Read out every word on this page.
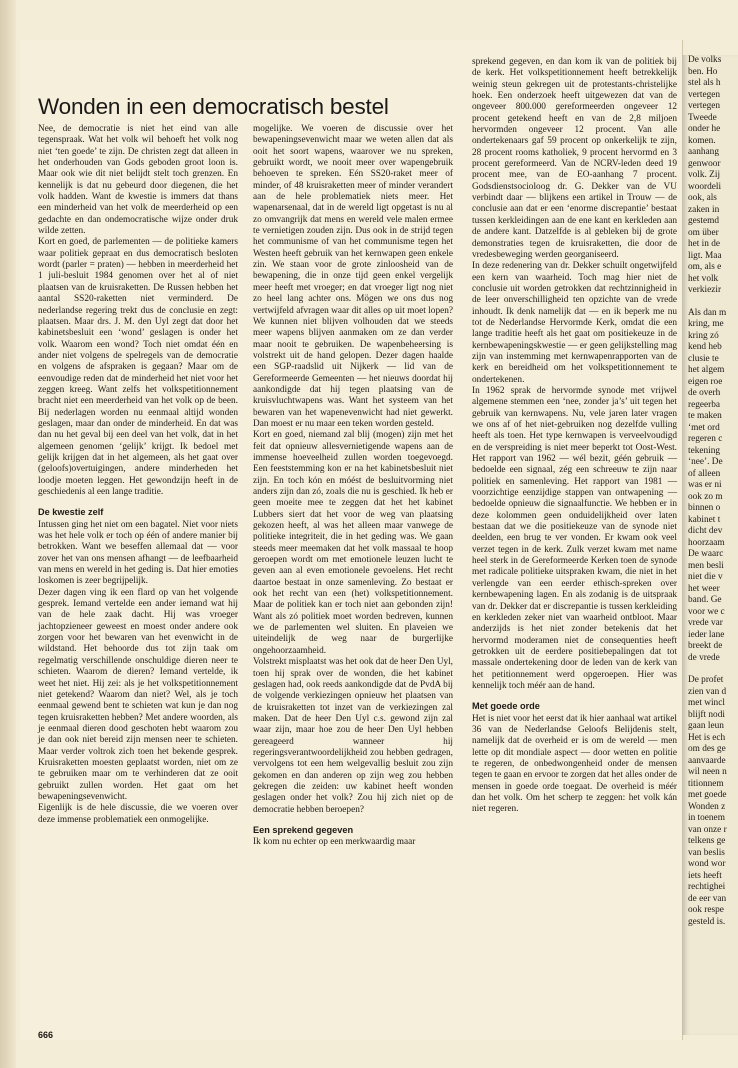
Wonden in een democratisch bestel

Nee, de democratie is niet het eind van alle tegenspraak. Wat het volk wil behoeft het volk nog niet ‘ten goede’ te zijn. De christen zegt dat alleen in het onderhouden van Gods geboden groot loon is. Maar ook wie dit niet belijdt stelt toch grenzen. En kennelijk is dat nu gebeurd door diegenen, die het volk hadden. Want de kwestie is immers dat thans een minderheid van het volk de meerderheid op een gedachte en dan ondemocratische wijze onder druk wilde zetten.

Kort en goed, de parlementen — de politieke kamers waar politiek gepraat en dus democratisch besloten wordt (parler = praten) — hebben in meerderheid het 1 juli-besluit 1984 genomen over het al of niet plaatsen van de kruisraketten. De Russen hebben het aantal SS20-raketten niet verminderd. De nederlandse regering trekt dus de conclusie en zegt: plaatsen. Maar drs. J. M. den Uyl zegt dat door het kabinetsbesluit een ‘wond’ geslagen is onder het volk. Waarom een wond? Toch niet omdat één en ander niet volgens de spelregels van de democratie en volgens de afspraken is gegaan? Maar om de eenvoudige reden dat de minderheid het niet voor het zeggen kreeg. Want zelfs het volkspetitionnement bracht niet een meerderheid van het volk op de been. Bij nederlagen worden nu eenmaal altijd wonden geslagen, maar dan onder de minderheid. En dat was dan nu het geval bij een deel van het volk, dat in het algemeen genomen ‘gelijk’ krijgt. Ik bedoel met gelijk krijgen dat in het algemeen, als het gaat over (geloofs)overtuigingen, andere minderheden het loodje moeten leggen. Het gewondzijn heeft in de geschiedenis al een lange traditie.

De kwestie zelf

Intussen ging het niet om een bagatel. Niet voor niets was het hele volk er toch op één of andere manier bij betrokken. Want we beseffen allemaal dat — voor zover het van ons mensen afhangt — de leefbaarheid van mens en wereld in het geding is. Dat hier emoties loskomen is zeer begrijpelijk.

Dezer dagen ving ik een flard op van het volgende gesprek. Iemand vertelde een ander iemand wat hij van de hele zaak dacht. Hij was vroeger jachtopzieneer geweest en moest onder andere ook zorgen voor het bewaren van het evenwicht in de wildstand. Het behoorde dus tot zijn taak om regelmatig verschillende onschuldige dieren neer te schieten. Waarom de dieren? Iemand vertelde, ik weet het niet. Hij zei: als je het volkspetitionnement niet getekend? Waarom dan niet? Wel, als je toch eenmaal gewend bent te schieten wat kun je dan nog tegen kruisraketten hebben? Met andere woorden, als je eenmaal dieren dood geschoten hebt waarom zou je dan ook niet bereid zijn mensen neer te schieten. Maar verder voltrok zich toen het bekende gesprek. Kruisraketten moesten geplaatst worden, niet om ze te gebruiken maar om te verhinderen dat ze ooit gebruikt zullen worden. Het gaat om het bewapeningsevenwicht.

Eigenlijk is de hele discussie, die we voeren over deze immense problematiek een onmogelijke.

mogelijke. We voeren de discussie over het bewapeningsevenwicht maar we weten allen dat als ooit het soort wapens, waarover we nu spreken, gebruikt wordt, we nooit meer over wapengebruik behoeven te spreken. Eén SS20-raket meer of minder, of 48 kruisraketten meer of minder verandert aan de hele problematiek niets meer. Het wapenarsenaal, dat in de wereld ligt opgetast is nu al zo omvangrijk dat mens en wereld vele malen ermee te vernietigen zouden zijn. Dus ook in de strijd tegen het communisme of van het communisme tegen het Westen heeft gebruik van het kernwapen geen enkele zin. We staan voor de grote zinloosheid van de bewapening, die in onze tijd geen enkel vergelijk meer heeft met vroeger; en dat vroeger ligt nog niet zo heel lang achter ons. Mögen we ons dus nog vertwijfeld afvragen waar dit alles op uit moet lopen? We kunnen niet blijven volhouden dat we steeds meer wapens blijven aanmaken om ze dan verder maar nooit te gebruiken. De wapenbeheersing is volstrekt uit de hand gelopen. Dezer dagen haalde een SGP-raadslid uit Nijkerk — lid van de Gereformeerde Gemeenten — het nieuws doordat hij aankondigde dat hij tegen plaatsing van de kruisvluchtwapens was. Want het systeem van het bewaren van het wapenevenwicht had niet gewerkt. Dan moest er nu maar een teken worden gesteld.

Kort en goed, niemand zal blij (mogen) zijn met het feit dat opnieuw allesvernietigende wapens aan de immense hoeveelheid zullen worden toegevoegd. Een feeststemming kon er na het kabinetsbesluit niet zijn. En toch kón en móést de besluitvorming niet anders zijn dan zó, zoals die nu is geschied. Ik heb er geen moeite mee te zeggen dat het het kabinet Lubbers siert dat het voor de weg van plaatsing gekozen heeft, al was het alleen maar vanwege de politieke integriteit, die in het geding was. We gaan steeds meer meemaken dat het volk massaal te hoop geroepen wordt om met emotionele leuzen lucht te geven aan al even emotionele gevoelens. Het recht daartoe bestaat in onze samenleving. Zo bestaat er ook het recht van een (het) volkspetitionnement. Maar de politiek kan er toch niet aan gebonden zijn! Want als zó politiek moet worden bedreven, kunnen we de parlementen wel sluiten. En plaveien we uiteindelijk de weg naar de burgerlijke ongehoorzaamheid.

Volstrekt misplaatst was het ook dat de heer Den Uyl, toen hij sprak over de wonden, die het kabinet geslagen had, ook reeds aankondigde dat de PvdA bij de volgende verkiezingen opnieuw het plaatsen van de kruisraketten tot inzet van de verkiezingen zal maken. Dat de heer Den Uyl c.s. gewond zijn zal waar zijn, maar hoe zou de heer Den Uyl hebben gereageerd wanneer hij regeringsverantwoordelijkheid zou hebben gedragen, vervolgens tot een hem welgevallig besluit zou zijn gekomen en dan anderen op zijn weg zou hebben gekregen die zeiden: uw kabinet heeft wonden geslagen onder het volk? Zou hij zich niet op de democratie hebben beroepen?

Een sprekend gegeven

Ik kom nu echter op een merkwaardig maar

sprekend gegeven, en dan kom ik van de politiek bij de kerk. Het volkspetitionnement heeft betrekkelijk weinig steun gekregen uit de protestants-christelijke hoek. Een onderzoek heeft uitgewezen dat van de ongeveer 800.000 gereformeerden ongeveer 12 procent getekend heeft en van de 2,8 miljoen hervormden ongeveer 12 procent. Van alle ondertekenaars gaf 59 procent op onkerkelijk te zijn, 28 procent rooms katholiek, 9 procent hervormd en 3 procent gereformeerd. Van de NCRV-leden deed 19 procent mee, van de EO-aanhang 7 procent. Godsdienstsocioloog dr. G. Dekker van de VU verbindt daar — blijkens een artikel in Trouw — de conclusie aan dat er een ‘enorme discrepantie’ bestaat tussen kerkleidingen aan de ene kant en kerkleden aan de andere kant. Datzelfde is al gebleken bij de grote demonstraties tegen de kruisraketten, die door de vredesbeweging werden georganiseerd.

In deze redenering van dr. Dekker schuilt ongetwijfeld een kern van waarheid. Toch mag hier niet de conclusie uit worden getrokken dat rechtzinnigheid in de leer onverschilligheid ten opzichte van de vrede inhoudt. Ik denk namelijk dat — en ik beperk me nu tot de Nederlandse Hervormde Kerk, omdat die een lange traditie heeft als het gaat om positiekeuze in de kernbewapeningskwestie — er geen gelijkstelling mag zijn van instemming met kernwapenrapporten van de kerk en bereidheid om het volkspetitionnement te ondertekenen.

In 1962 sprak de hervormde synode met vrijwel algemene stemmen een ‘nee, zonder ja’s’ uit tegen het gebruik van kernwapens. Nu, vele jaren later vragen we ons af of het niet-gebruiken nog dezelfde vulling heeft als toen. Het type kernwapen is verveelvoudigd en de verspreiding is niet meer beperkt tot Oost-West. Het rapport van 1962 — wél bezit, géén gebruik — bedoelde een signaal, zég een schreeuw te zijn naar politiek en samenleving. Het rapport van 1981 — voorzichtige eenzijdige stappen van ontwapening — bedoelde opnieuw die signaalfunctie. We hebben er in deze kolommen geen onduidelijkheid over laten bestaan dat we die positiekeuze van de synode niet deelden, een brug te ver vonden. Er kwam ook veel verzet tegen in de kerk. Zulk verzet kwam met name heel sterk in de Gereformeerde Kerken toen de synode met radicale politieke uitspraken kwam, die niet in het verlengde van een eerder ethisch-spreken over kernbewapening lagen. En als zodanig is de uitspraak van dr. Dekker dat er discrepantie is tussen kerkleiding en kerkleden zeker niet van waarheid ontbloot. Maar anderzijds is het niet zonder betekenis dat het hervormd moderamen niet de consequenties heeft getrokken uit de eerdere positiebepalingen dat tot massale ondertekening door de leden van de kerk van het petitionnement werd opgeroepen. Hier was kennelijk toch méér aan de hand.

Met goede orde

Het is niet voor het eerst dat ik hier aanhaal wat artikel 36 van de Nederlandse Geloofs Belijdenis stelt, namelijk dat de overheid er is om de wereld — men lette op dit mondiale aspect — door wetten en politie te regeren, de onbedwongenheid onder de mensen tegen te gaan en ervoor te zorgen dat het alles onder de mensen in goede orde toegaat. De overheid is méér dan het volk. Om het scherp te zeggen: het volk kán niet regeren.

666
De volks
ben. Ho
stel als h
vertegen
vertegen
Tweede
onder he
komen.
aanhang
genwoor
volk. Zij
woordeli
ook, als
zaken in
gestemd
om über
het in de
ligt. Maa
om, als e
het volk
verkiezir
Als dan m
kring, me
kring zó
kend heb
clusie te
het algem
eigen roe
de overh
regeerba
te maken
‘met ord
regeren c
tekening
‘nee’. De
of alleen
was er ni
ook zo m
binnen o
kabinet t
dicht dev
hoorzaam
De waarc
men besli
niet die v
het weer
band. Ge
voor we c
vrede var
ieder lane
breekt de
de vrede
De profet
zien van d
met wincl
blijft nodi
gaan leun
Het is ech
om des ge
aanvaarde
wil neen n
titionnem
met goede
Wonden z
in toenem
van onze r
telkens ge
van beslis
wond wor
iets heeft
rechtighei
de eer van
ook respe
gesteld is.
